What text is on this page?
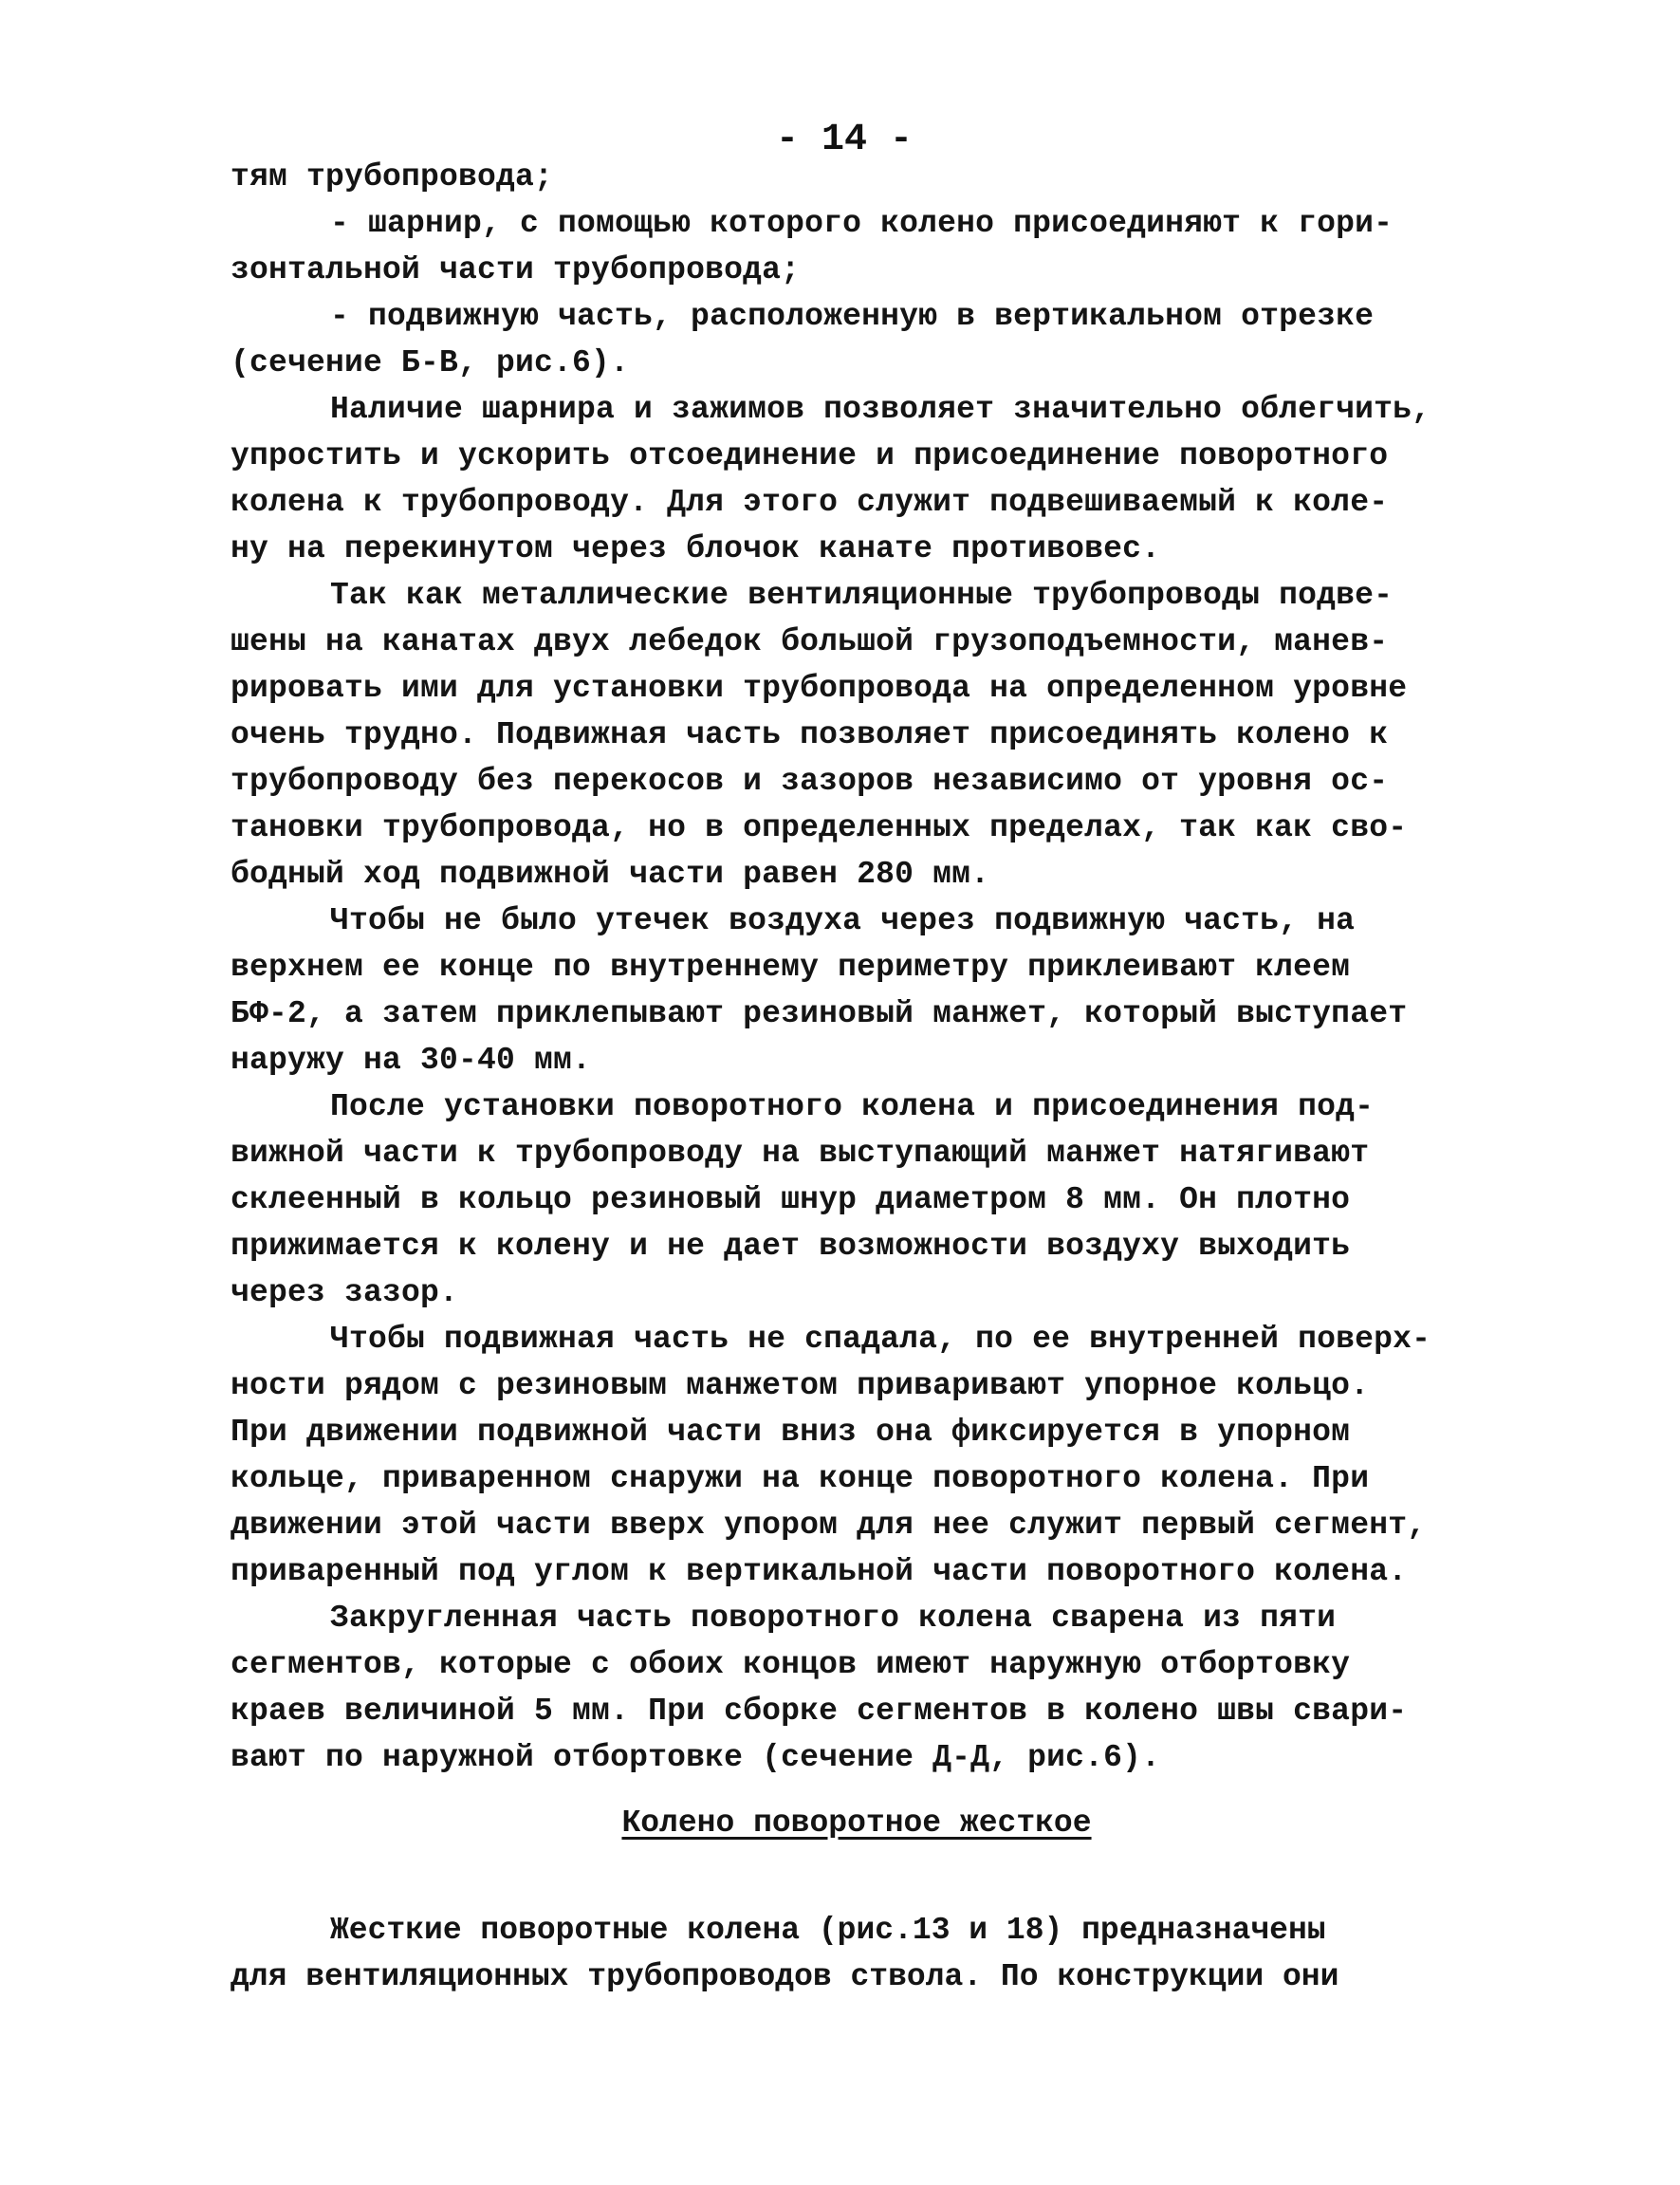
- 14 -
тям трубопровода;
- шарнир, с помощью которого колено присоединяют к гори-
зонтальной части трубопровода;
- подвижную часть, расположенную в вертикальном отрезке
(сечение Б-В, рис.6).
Наличие шарнира и зажимов позволяет значительно облегчить,
упростить и ускорить отсоединение и присоединение поворотного
колена к трубопроводу. Для этого служит подвешиваемый к коле-
ну на перекинутом через блочок канате противовес.
Так как металлические вентиляционные трубопроводы подве-
шены на канатах двух лебедок большой грузоподъемности, манев-
рировать ими для установки трубопровода на определенном уровне
очень трудно. Подвижная часть позволяет присоединять колено к
трубопроводу без перекосов и зазоров независимо от уровня ос-
тановки трубопровода, но в определенных пределах, так как сво-
бодный ход подвижной части равен 280 мм.
Чтобы не было утечек воздуха через подвижную часть, на
верхнем ее конце по внутреннему периметру приклеивают клеем
БФ-2, а затем приклепывают резиновый манжет, который выступает
наружу на 30-40 мм.
После установки поворотного колена и присоединения под-
вижной части к трубопроводу на выступающий манжет натягивают
склеенный в кольцо резиновый шнур диаметром 8 мм. Он плотно
прижимается к колену и не дает возможности воздуху выходить
через зазор.
Чтобы подвижная часть не спадала, по ее внутренней поверх-
ности рядом с резиновым манжетом приваривают упорное кольцо.
При движении подвижной части вниз она фиксируется в упорном
кольце, приваренном снаружи на конце поворотного колена. При
движении этой части вверх упором для нее служит первый сегмент,
приваренный под углом к вертикальной части поворотного колена.
Закругленная часть поворотного колена сварена из пяти
сегментов, которые с обоих концов имеют наружную отбортовку
краев величиной 5 мм. При сборке сегментов в колено швы свари-
вают по наружной отбортовке (сечение Д-Д, рис.6).
Колено поворотное жесткое
Жесткие поворотные колена (рис.13 и 18) предназначены
для вентиляционных трубопроводов ствола. По конструкции они
